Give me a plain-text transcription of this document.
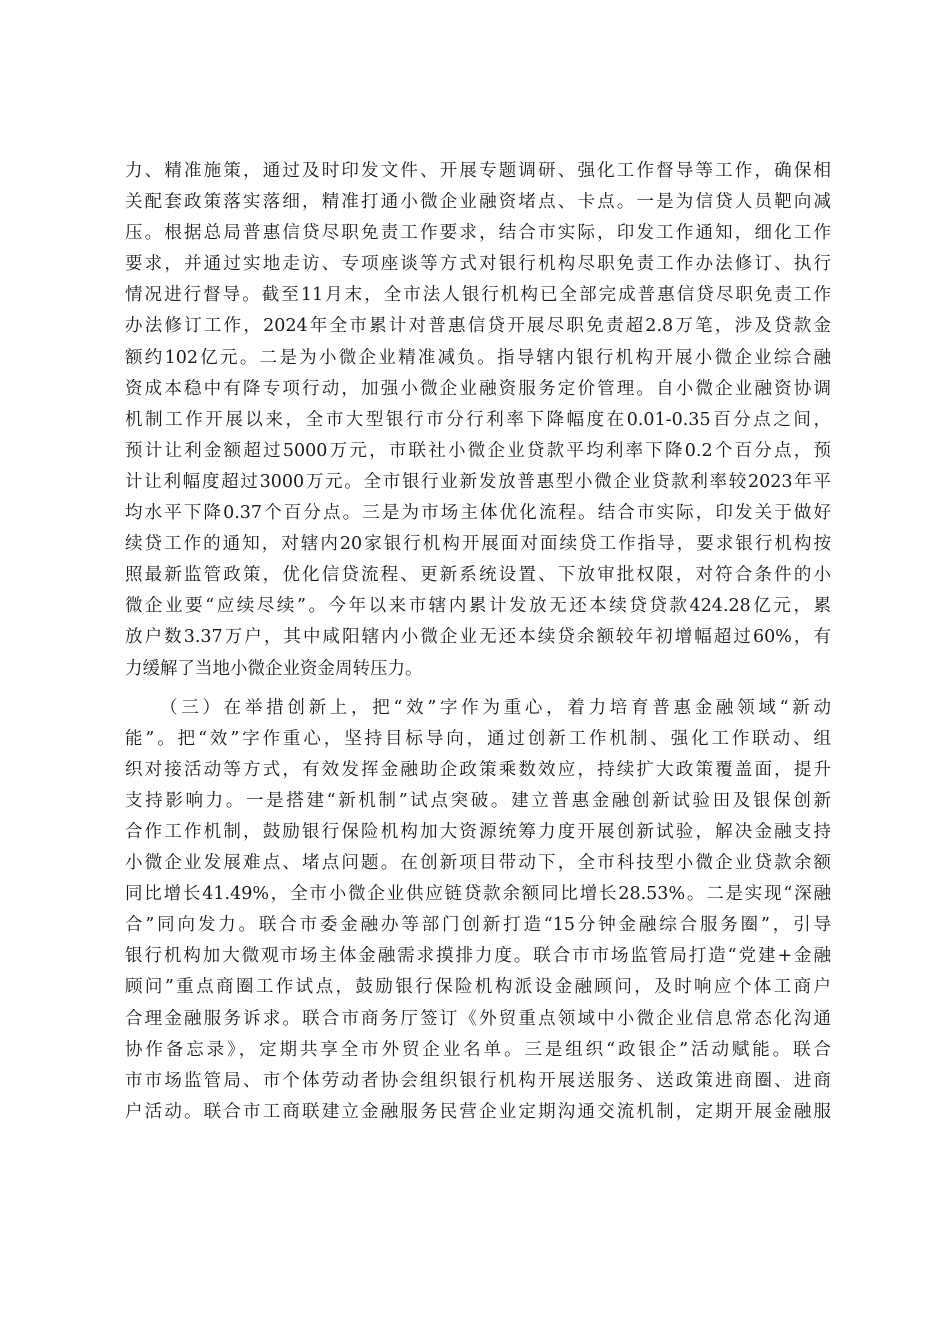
力、精准施策，通过及时印发文件、开展专题调研、强化工作督导等工作，确保相
关配套政策落实落细，精准打通小微企业融资堵点、卡点。一是为信贷人员靶向减
压。根据总局普惠信贷尽职免责工作要求，结合市实际，印发工作通知，细化工作
要求，并通过实地走访、专项座谈等方式对银行机构尽职免责工作办法修订、执行
情况进行督导。截至11月末，全市法人银行机构已全部完成普惠信贷尽职免责工作
办法修订工作，2024年全市累计对普惠信贷开展尽职免责超2.8万笔，涉及贷款金
额约102亿元。二是为小微企业精准减负。指导辖内银行机构开展小微企业综合融
资成本稳中有降专项行动，加强小微企业融资服务定价管理。自小微企业融资协调
机制工作开展以来，全市大型银行市分行利率下降幅度在0.01-0.35百分点之间，
预计让利金额超过5000万元，市联社小微企业贷款平均利率下降0.2个百分点，预
计让利幅度超过3000万元。全市银行业新发放普惠型小微企业贷款利率较2023年平
均水平下降0.37个百分点。三是为市场主体优化流程。结合市实际，印发关于做好
续贷工作的通知，对辖内20家银行机构开展面对面续贷工作指导，要求银行机构按
照最新监管政策，优化信贷流程、更新系统设置、下放审批权限，对符合条件的小
微企业要“应续尽续”。今年以来市辖内累计发放无还本续贷贷款424.28亿元，累
放户数3.37万户，其中咸阳辖内小微企业无还本续贷余额较年初增幅超过60%，有
力缓解了当地小微企业资金周转压力。
（三）在举措创新上，把“效”字作为重心，着力培育普惠金融领域“新动
能”。把“效”字作重心，坚持目标导向，通过创新工作机制、强化工作联动、组
织对接活动等方式，有效发挥金融助企政策乘数效应，持续扩大政策覆盖面，提升
支持影响力。一是搭建“新机制”试点突破。建立普惠金融创新试验田及银保创新
合作工作机制，鼓励银行保险机构加大资源统筹力度开展创新试验，解决金融支持
小微企业发展难点、堵点问题。在创新项目带动下，全市科技型小微企业贷款余额
同比增长41.49%，全市小微企业供应链贷款余额同比增长28.53%。二是实现“深融
合”同向发力。联合市委金融办等部门创新打造“15分钟金融综合服务圈”，引导
银行机构加大微观市场主体金融需求摸排力度。联合市市场监管局打造“党建+金融
顾问”重点商圈工作试点，鼓励银行保险机构派设金融顾问，及时响应个体工商户
合理金融服务诉求。联合市商务厅签订《外贸重点领域中小微企业信息常态化沟通
协作备忘录》，定期共享全市外贸企业名单。三是组织“政银企”活动赋能。联合
市市场监管局、市个体劳动者协会组织银行机构开展送服务、送政策进商圈、进商
户活动。联合市工商联建立金融服务民营企业定期沟通交流机制，定期开展金融服
